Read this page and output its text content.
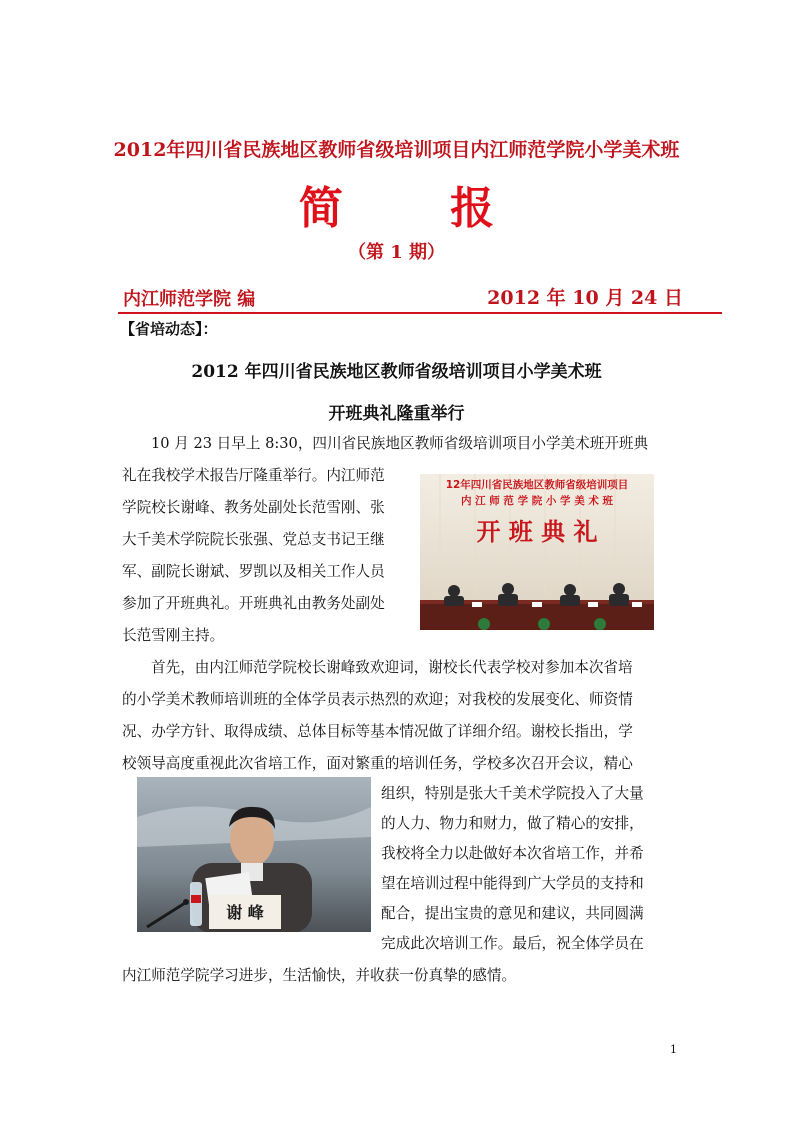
2012年四川省民族地区教师省级培训项目内江师范学院小学美术班
简 报
（第 1 期）
内江师范学院 编	2012 年 10 月 24 日
【省培动态】：
2012 年四川省民族地区教师省级培训项目小学美术班
开班典礼隆重举行
10 月 23 日早上 8:30，四川省民族地区教师省级培训项目小学美术班开班典
礼在我校学术报告厅隆重举行。内江师范
学院校长谢峰、教务处副处长范雪刚、张
大千美术学院院长张强、党总支书记王继
军、副院长谢斌、罗凯以及相关工作人员
参加了开班典礼。开班典礼由教务处副处
长范雪刚主持。
首先，由内江师范学院校长谢峰致欢迎词，谢校长代表学校对参加本次省培
的小学美术教师培训班的全体学员表示热烈的欢迎；对我校的发展变化、师资情
况、办学方针、取得成绩、总体目标等基本情况做了详细介绍。谢校长指出，学
校领导高度重视此次省培工作，面对繁重的培训任务，学校多次召开会议，精心
组织，特别是张大千美术学院投入了大量
的人力、物力和财力，做了精心的安排，
我校将全力以赴做好本次省培工作，并希
望在培训过程中能得到广大学员的支持和
配合，提出宝贵的意见和建议，共同圆满
完成此次培训工作。最后，祝全体学员在
内江师范学院学习进步，生活愉快，并收获一份真挚的感情。
12年四川省民族地区教师省级培训项目
内 江 师 范 学 院 小 学 美 术 班
开 班 典 礼
谢 峰
1
